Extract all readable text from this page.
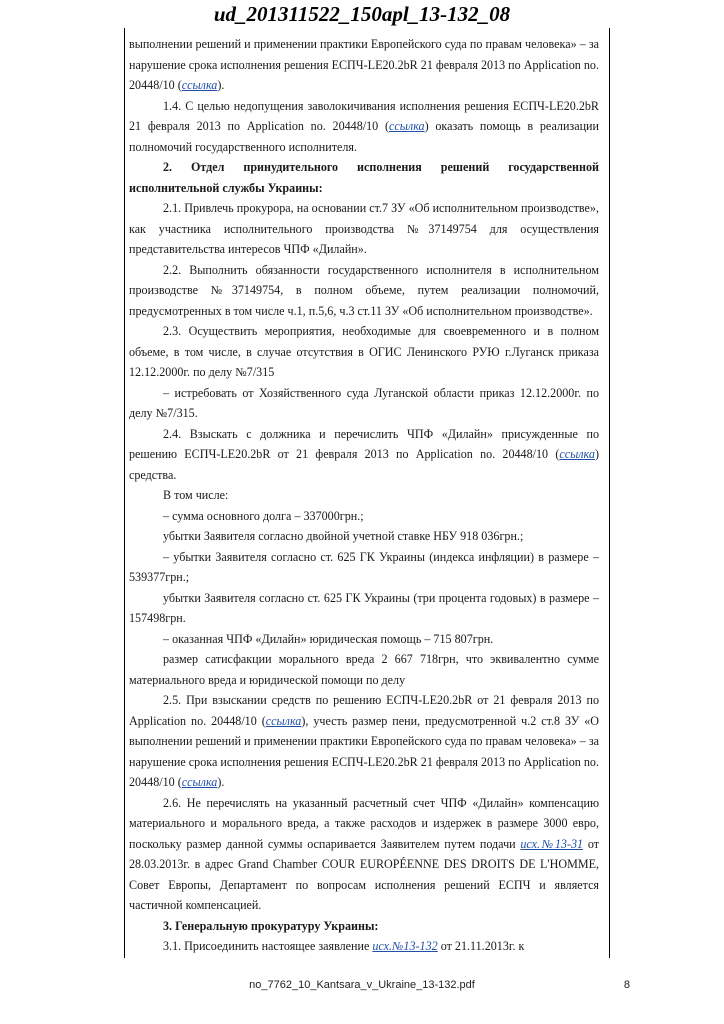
ud_201311522_150apl_13-132_08

выполнении решений и применении практики Европейского суда по правам человека» – за нарушение срока исполнения решения ЕСПЧ-LE20.2bR 21 февраля 2013 по Application no. 20448/10 (ссылка).

1.4. С целью недопущения заволокичивания исполнения решения ЕСПЧ-LE20.2bR 21 февраля 2013 по Application no. 20448/10 (ссылка) оказать помощь в реализации полномочий государственного исполнителя.

2. Отдел принудительного исполнения решений государственной исполнительной службы Украины:

2.1. Привлечь прокурора, на основании ст.7 ЗУ «Об исполнительном производстве», как участника исполнительного производства №37149754 для осуществления представительства интересов ЧПФ «Дилайн».

2.2. Выполнить обязанности государственного исполнителя в исполнительном производстве №37149754, в полном объеме, путем реализации полномочий, предусмотренных в том числе ч.1, п.5,6, ч.3 ст.11 ЗУ «Об исполнительном производстве».

2.3. Осуществить мероприятия, необходимые для своевременного и в полном объеме, в том числе, в случае отсутствия в ОГИС Ленинского РУЮ г.Луганск приказа 12.12.2000г. по делу №7/315

– истребовать от Хозяйственного суда Луганской области приказ 12.12.2000г. по делу №7/315.

2.4. Взыскать с должника и перечислить ЧПФ «Дилайн» присужденные по решению ЕСПЧ-LE20.2bR от 21 февраля 2013 по Application no. 20448/10 (ссылка) средства.

В том числе:

– сумма основного долга – 337000грн.;

убытки Заявителя согласно двойной учетной ставке НБУ 918 036грн.;

– убытки Заявителя согласно ст. 625 ГК Украины (индекса инфляции) в размере – 539377грн.;

убытки Заявителя согласно ст. 625 ГК Украины (три процента годовых) в размере – 157498грн.

– оказанная ЧПФ «Дилайн» юридическая помощь – 715 807грн.

размер сатисфакции морального вреда 2 667 718грн, что эквивалентно сумме материального вреда и юридической помощи по делу

2.5. При взыскании средств по решению ЕСПЧ-LE20.2bR от 21 февраля 2013 по Application no. 20448/10 (ссылка), учесть размер пени, предусмотренной ч.2 ст.8 ЗУ «О выполнении решений и применении практики Европейского суда по правам человека» – за нарушение срока исполнения решения ЕСПЧ-LE20.2bR 21 февраля 2013 по Application no. 20448/10 (ссылка).

2.6. Не перечислять на указанный расчетный счет ЧПФ «Дилайн» компенсацию материального и морального вреда, а также расходов и издержек в размере 3000 евро, поскольку размер данной суммы оспаривается Заявителем путем подачи исх.№13-31 от 28.03.2013г. в адрес Grand Chamber COUR EUROPÉENNE DES DROITS DE L'HOMME, Совет Европы, Департамент по вопросам исполнения решений ЕСПЧ и является частичной компенсацией.

3. Генеральную прокуратуру Украины:

3.1. Присоединить настоящее заявление исх.№13-132 от 21.11.2013г. к

no_7762_10_Kantsara_v_Ukraine_13-132.pdf	8
